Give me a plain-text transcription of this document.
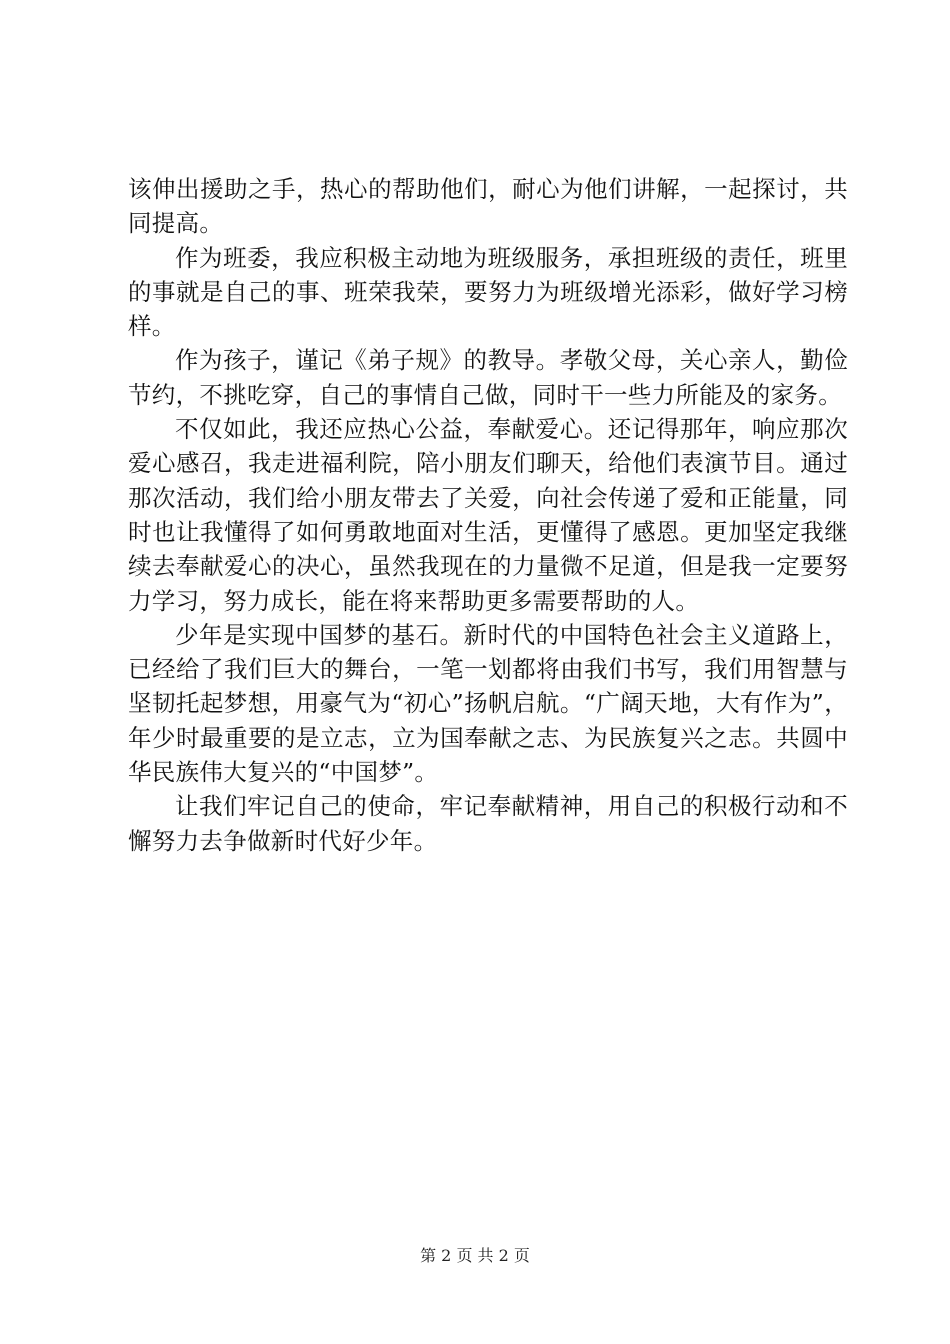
该伸出援助之手，热心的帮助他们，耐心为他们讲解，一起探讨，共同提高。

作为班委，我应积极主动地为班级服务，承担班级的责任，班里的事就是自己的事、班荣我荣，要努力为班级增光添彩，做好学习榜样。

作为孩子，谨记《弟子规》的教导。孝敬父母，关心亲人，勤俭节约，不挑吃穿，自己的事情自己做，同时干一些力所能及的家务。

不仅如此，我还应热心公益，奉献爱心。还记得那年，响应那次爱心感召，我走进福利院，陪小朋友们聊天，给他们表演节目。通过那次活动，我们给小朋友带去了关爱，向社会传递了爱和正能量，同时也让我懂得了如何勇敢地面对生活，更懂得了感恩。更加坚定我继续去奉献爱心的决心，虽然我现在的力量微不足道，但是我一定要努力学习，努力成长，能在将来帮助更多需要帮助的人。

少年是实现中国梦的基石。新时代的中国特色社会主义道路上，已经给了我们巨大的舞台，一笔一划都将由我们书写，我们用智慧与坚韧托起梦想，用豪气为“初心”扬帆启航。“广阔天地，大有作为”，年少时最重要的是立志，立为国奉献之志、为民族复兴之志。共圆中华民族伟大复兴的“中国梦”。

让我们牢记自己的使命，牢记奉献精神，用自己的积极行动和不懈努力去争做新时代好少年。

第 2 页 共 2 页
